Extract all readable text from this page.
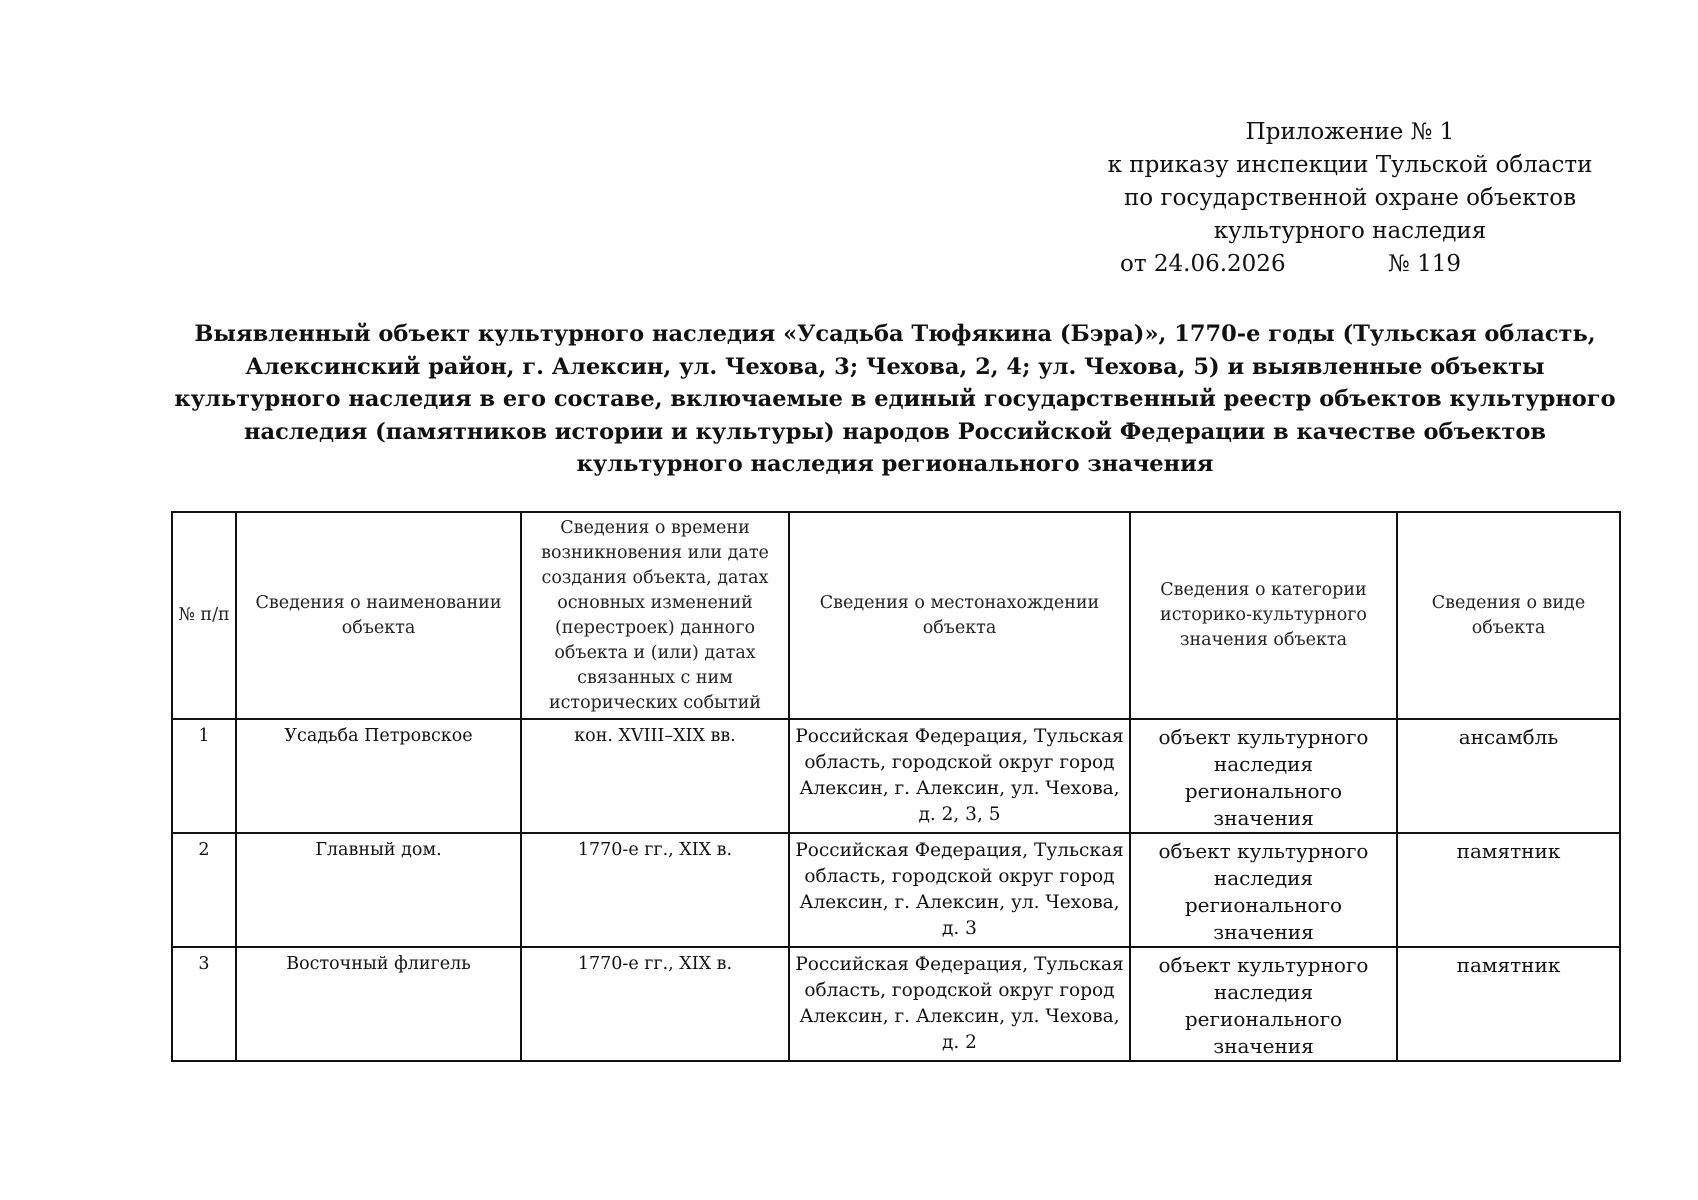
Приложение № 1
к приказу инспекции Тульской области
по государственной охране объектов
культурного наследия
от 24.06.2026	№ 119
Выявленный объект культурного наследия «Усадьба Тюфякина (Бэра)», 1770-е годы (Тульская область, Алексинский район, г. Алексин, ул. Чехова, 3; Чехова, 2, 4; ул. Чехова, 5) и выявленные объекты культурного наследия в его составе, включаемые в единый государственный реестр объектов культурного наследия (памятников истории и культуры) народов Российской Федерации в качестве объектов культурного наследия регионального значения
№ п/п	Сведения о наименовании объекта	Сведения о времени возникновения или дате создания объекта, датах основных изменений (перестроек) данного объекта и (или) датах связанных с ним исторических событий	Сведения о местонахождении объекта	Сведения о категории историко-культурного значения объекта	Сведения о виде объекта
1	Усадьба Петровское	кон. XVIII–XIX вв.	Российская Федерация, Тульская область, городской округ город Алексин, г. Алексин, ул. Чехова, д. 2, 3, 5	объект культурного наследия регионального значения	ансамбль
2	Главный дом.	1770-е гг., XIX в.	Российская Федерация, Тульская область, городской округ город Алексин, г. Алексин, ул. Чехова, д. 3	объект культурного наследия регионального значения	памятник
3	Восточный флигель	1770-е гг., XIX в.	Российская Федерация, Тульская область, городской округ город Алексин, г. Алексин, ул. Чехова, д. 2	объект культурного наследия регионального значения	памятник
